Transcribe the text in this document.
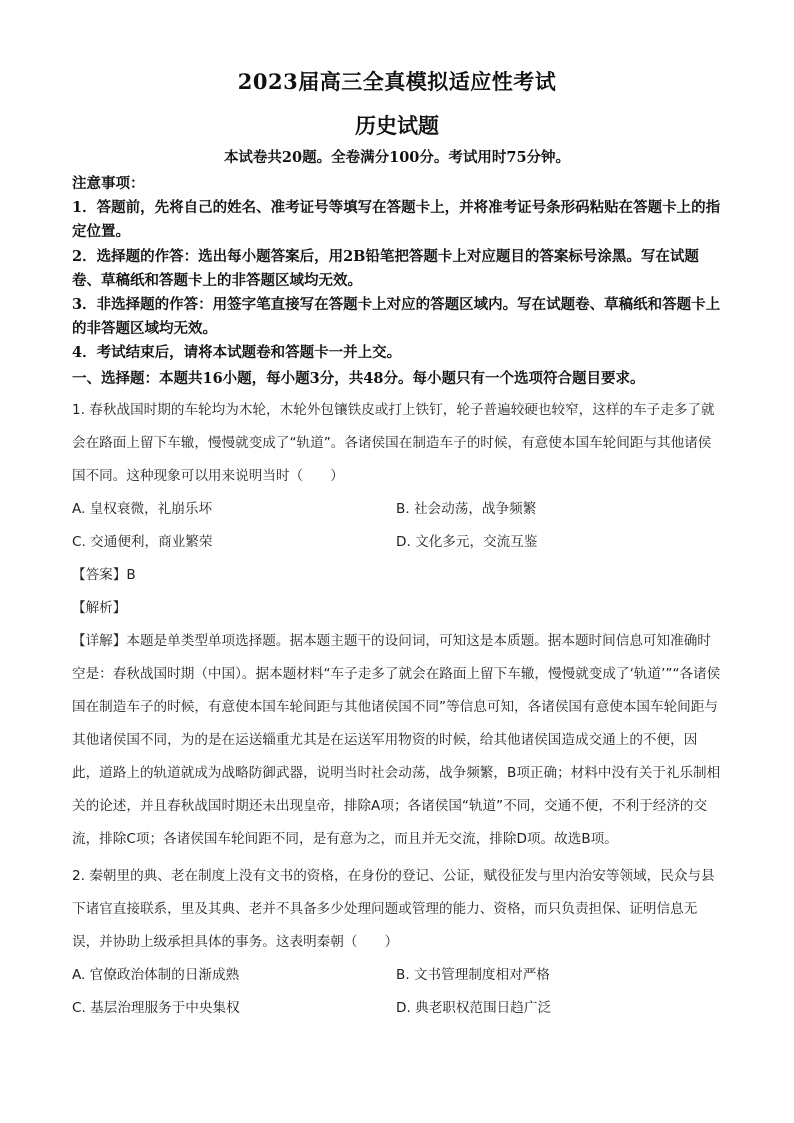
2023届高三全真模拟适应性考试
历史试题
本试卷共20题。全卷满分100分。考试用时75分钟。

注意事项：

1．答题前，先将自己的姓名、准考证号等填写在答题卡上，并将准考证号条形码粘贴在答题卡上的指定位置。

2．选择题的作答：选出每小题答案后，用2B铅笔把答题卡上对应题目的答案标号涂黑。写在试题卷、草稿纸和答题卡上的非答题区域均无效。

3．非选择题的作答：用签字笔直接写在答题卡上对应的答题区域内。写在试题卷、草稿纸和答题卡上的非答题区域均无效。

4．考试结束后，请将本试题卷和答题卡一并上交。

一、选择题：本题共16小题，每小题3分，共48分。每小题只有一个选项符合题目要求。

1. 春秋战国时期的车轮均为木轮，木轮外包镶铁皮或打上铁钉，轮子普遍较硬也较窄，这样的车子走多了就会在路面上留下车辙，慢慢就变成了“轨道”。各诸侯国在制造车子的时候，有意使本国车轮间距与其他诸侯国不同。这种现象可以用来说明当时（　　）

A. 皇权衰微，礼崩乐坏	B. 社会动荡，战争频繁
C. 交通便利，商业繁荣	D. 文化多元，交流互鉴

【答案】B

【解析】

【详解】本题是单类型单项选择题。据本题主题干的设问词，可知这是本质题。据本题时间信息可知准确时空是：春秋战国时期（中国）。据本题材料“车子走多了就会在路面上留下车辙，慢慢就变成了‘轨道’”“各诸侯国在制造车子的时候，有意使本国车轮间距与其他诸侯国不同”等信息可知，各诸侯国有意使本国车轮间距与其他诸侯国不同，为的是在运送辎重尤其是在运送军用物资的时候，给其他诸侯国造成交通上的不便，因此，道路上的轨道就成为战略防御武器，说明当时社会动荡，战争频繁，B项正确；材料中没有关于礼乐制相关的论述，并且春秋战国时期还未出现皇帝，排除A项；各诸侯国“轨道”不同，交通不便，不利于经济的交流，排除C项；各诸侯国车轮间距不同，是有意为之，而且并无交流，排除D项。故选B项。

2. 秦朝里的典、老在制度上没有文书的资格，在身份的登记、公证，赋役征发与里内治安等领域，民众与县下诸官直接联系，里及其典、老并不具备多少处理问题或管理的能力、资格，而只负责担保、证明信息无误，并协助上级承担具体的事务。这表明秦朝（　　）

A. 官僚政治体制的日渐成熟	B. 文书管理制度相对严格
C. 基层治理服务于中央集权	D. 典老职权范围日趋广泛
